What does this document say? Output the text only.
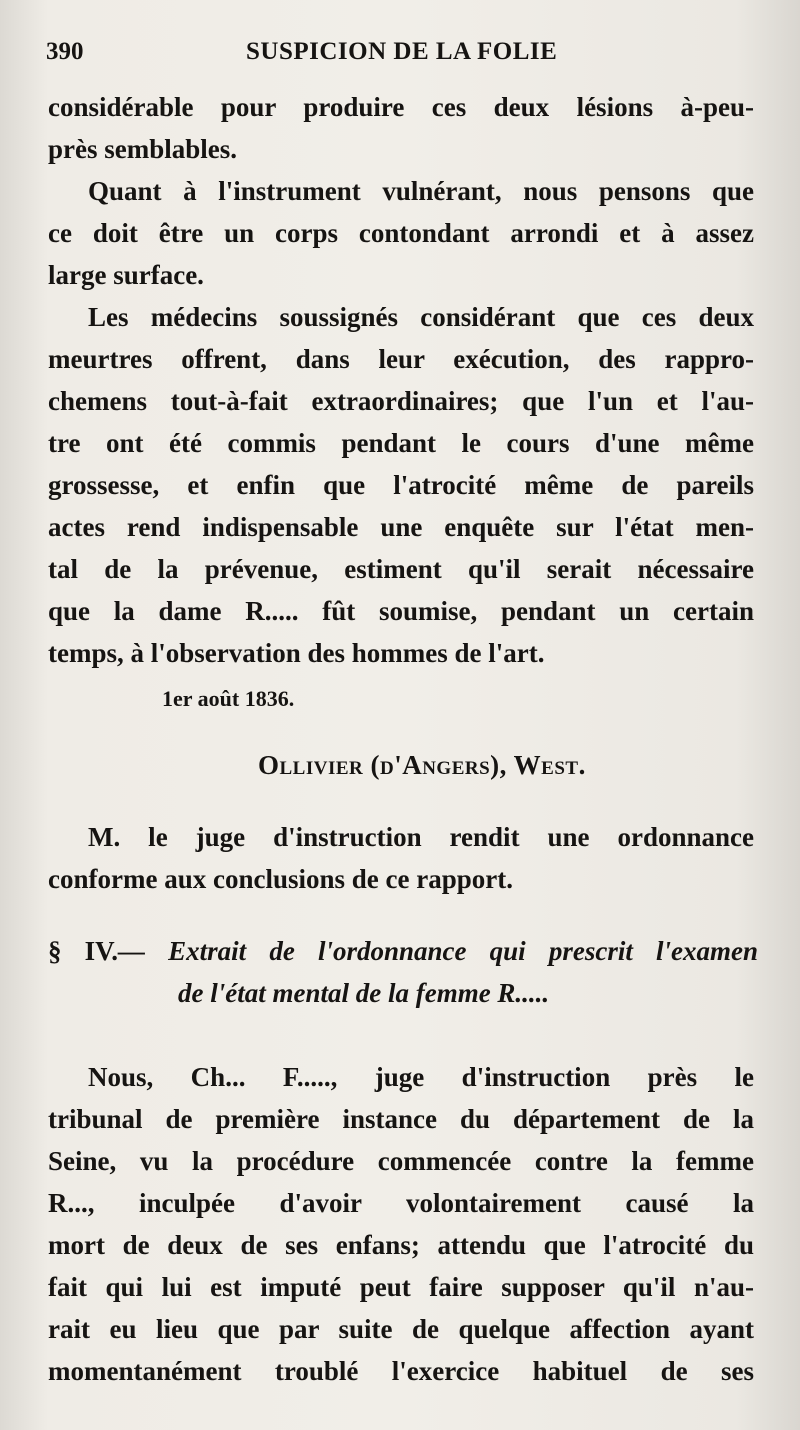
390	SUSPICION DE LA FOLIE
considérable pour produire ces deux lésions à-peu-
près semblables.
Quant à l'instrument vulnérant, nous pensons que
ce doit être un corps contondant arrondi et à assez
large surface.
Les médecins soussignés considérant que ces deux
meurtres offrent, dans leur exécution, des rappro-
chemens tout-à-fait extraordinaires; que l'un et l'au-
tre ont été commis pendant le cours d'une même
grossesse, et enfin que l'atrocité même de pareils
actes rend indispensable une enquête sur l'état men-
tal de la prévenue, estiment qu'il serait nécessaire
que la dame R..... fût soumise, pendant un certain
temps, à l'observation des hommes de l'art.
1er août 1836.
Ollivier (d'Angers), West.
M. le juge d'instruction rendit une ordonnance
conforme aux conclusions de ce rapport.
§ IV.— Extrait de l'ordonnance qui prescrit l'examen
de l'état mental de la femme R.....
Nous, Ch... F....., juge d'instruction près le
tribunal de première instance du département de la
Seine, vu la procédure commencée contre la femme
R..., inculpée d'avoir volontairement causé la
mort de deux de ses enfans; attendu que l'atrocité du
fait qui lui est imputé peut faire supposer qu'il n'au-
rait eu lieu que par suite de quelque affection ayant
momentanément troublé l'exercice habituel de ses
